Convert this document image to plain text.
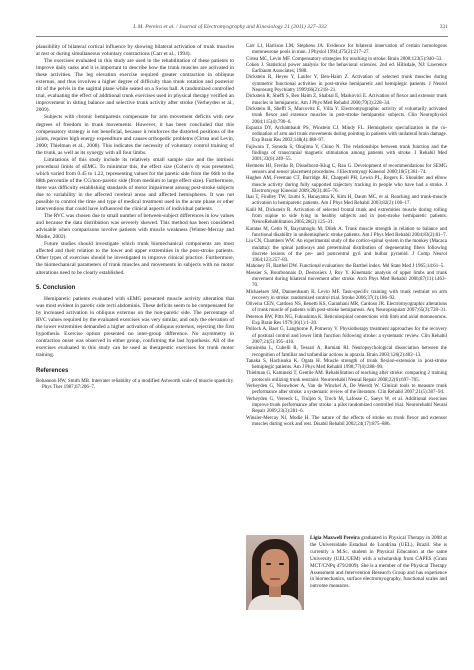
L.M. Pereira et al. / Journal of Electromyography and Kinesiology 21 (2011) 327–332	331

plausibility of bilateral cortical influence by showing bilateral activation of trunk muscles at rest or during simultaneous voluntary contractions (Carr et al., 1994).

The exercises evaluated in this study are used in the rehabilitation of these patients to improve daily tasks and it is important to describe how the trunk muscles are activated in these activities. The leg elevation exercise required greater contraction in obliquus externus, and thus involves a higher degree of difficulty than trunk rotation and posterior tilt of the pelvis in the sagittal plane while seated on a Swiss ball. A randomized controlled trial, evaluating the effect of additional trunk exercises used in physical therapy verified an improvement in sitting balance and selective trunk activity after stroke (Verheyden et al., 2009).

Subjects with chronic hemiparesis compensate for arm movement deficits with new degrees of freedom in trunk movements. However, it has been concluded that this compensatory strategy is not beneficial, because it reinforces the distorted positions of the joints, requires high energy expenditure and causes orthopedic problems (Cirtea and Levin, 2000; Thielman et al., 2008). This indicates the necessity of voluntary control training of the trunk, as well as its synergy with all four limbs.

Limitations of this study include its relatively small sample size and the intrinsic procedural limits of sEMG. To minimize this, the effect size (Cohen's d) was presented, which varied from 0.45 to 1.22, representing values for the paretic side from the 66th to the 88th percentile of the CG/non-paretic side (from medium to large effect size). Furthermore, there was difficulty establishing standards of motor impairment among post-stroke subjects due to variability in the affected cerebral areas and affected hemispheres. It was not possible to control the time and type of medical treatment used in the acute phase or other interventions that could have influenced the clinical aspects of individual patients.

The RVC was chosen due to small number of between-subject differences in low values and because the data distribution was severely skewed. This method has been considered advisable when comparisons involve patients with muscle weakness (Winter-Mercay and Modie, 2002).

Future studies should investigate which trunk biomechanical components are most affected and their relation to the lower and upper extremities in the post-stroke patients. Other types of exercises should be investigated to improve clinical practice. Furthermore, the biomechanical parameters of trunk muscles and movements in subjects with no motor alterations need to be clearly established.

5. Conclusion

Hemiparetic patients evaluated with sEMG presented muscle activity alteration that was most evident in paretic side recti abdominis. These deficits seem to be compensated for by increased activation in obliquus externus on the non-paretic side. The percentage of RVC values required by the evaluated exercises was very similar, and only the elevation of the lower extremities demanded a higher activation of obliquus externus, rejecting the first hypothesis. Exercise option presented no inter-group difference. No asymmetry in contraction onset was observed in either group, confirming the last hypothesis. All of the exercises evaluated in this study can be used as therapeutic exercises for trunk motor training.

References

Bohannon RW, Smith MB. Interrater reliability of a modified Ashworth scale of muscle spasticity. Phys Ther 1987;67:206–7.

Carr LJ, Harrison LM, Stephens JA. Evidence for bilateral innervation of certain homologous motoneurone pools in man. J Physiol 1994;475(2):217–27.

Cirtea MC, Levin MF. Compensatory strategies for reaching in stroke. Brain 2000;123(5):940–53.

Cohen J. Statistical power analysis for the behavioral sciences. 2nd ed. Hillsdale, NJ: Lawrence Earlbaum Associates; 1988.

Dickstein R, Heyes Y, Laufer Y, Ben-Haim Z. Activation of selected trunk muscles during symmetric functional activities in post-stroke hemiparetic and hemiplegic patients. J Neurol Neurosurg Psychiatry 1999;66(2):218–21.

Dickstein R, Sheffi S, Ben Haim Z, Shabtai E, Markovici E. Activation of flexor and extensor trunk muscles in hemiparetic. Am J Phys Med Rehabil 2000;79(3):228–34.

Dickstein R, Sheffi S, Marcovitz E, Villa Y. Electromyographic activity of voluntarily activated trunk flexor and extensor muscles in post-stroke hemiparetic subjects. Clin Neurophysiol 2004;115(4):790–6.

Esparza DY, Archambault PS, Winstein CJ, Mindy FL. Hemispheric specialization in the co-ordination of arm and trunk movements during pointing in patients with unilateral brain damage. Exp Brain Res 2003;148(4):488–97.

Fujiwara T, Sonoda S, Okajima Y, Chino N. The relationships between trunk function and the findings of transcranial magnetic stimulation among patients with stroke. J Rehabil Med 2001;33(6):249–55.

Hermens HJ, Freriks B, Disselhorst-Klug C, Rau G. Development of recommendations for SEMG sensors and sensor placement procedures. J Electromyogr Kinesiol 2000;10(5):361–74.

Hughes AM, Freeman CT, Burridge JH, Chappell PH, Lewin PL, Rogers E. Shoulder and elbow muscle activity during fully supported trajectory tracking in people who have had a stroke. J Electromyogr Kinesiol 2009;20(3):465–76.

Ikai T, Findley TW, Izumi S, Hanayama K, Kim H, Daum MC, et al. Reaching and trunk-muscle activation in hemiparetic patients. Am J Phys Med Rehabil 2003;82(2):108–17.

Kalil M, Dickstein R. Activation of selected frontal trunk and extremities muscle during rolling from supine to side lying in healthy subjects and in post-stroke hemiparetic patients. NeuroRehabilitation 2005;28(2):125–31.

Karatas M, Cetin N, Bayramoglu M, Dilek A. Trunk muscle strength in relation to balance and functional disability in unihemispheric stroke patients. Am J Phys Med Rehabil 2004;83(2):81–7.

Liu CN, Chambers WW. An experimental study of the cortico-spinal system in the monkey (Macaca mulatta): the spinal pathways and preterminal distribution of degenerating fibers following discrete lesions of the pre- and postcentral gyri and bulbar pyramid. J Comp Neurol 1964;123:257–83.

Mahoney FI, Barthel DW. Functional evaluation: the Barthel index. Md State Med J 1965;14:61–5.

Messier S, Bourbonnais D, Desrosiers J, Roy Y. Kinematic analysis of upper limbs and trunk movement during bilateral movement after stroke. Arch Phys Med Rehabil 2006;87(11):1463–70.

Michaelsen SM, Dannenbaum R, Levin MF. Task-specific training with trunk restraint on arm recovery in stroke: randomized control trial. Stroke 2006;37(1):186–92.

Oliveira CEN, Cardoso NS, Benetti KS, Garanhani MR, Cardoso JR. Electromyographic alterations of trunk muscle of patients with post-stroke hemiparesis. Arq Neuropsiquiatr 2007;65(3):728–31.

Peterson BW, Pitts NG, Fukushima K. Reticulospinal connections with limb and axial motoneurons. Exp Brain Res 1979;36(1):1–20.

Pollock A, Baer G, Langhorne P, Pomeroy V. Physiotherapy treatment approaches for the recovery of postural control and lower limb function following stroke: a systematic review. Clin Rehabil 2007;21(5):395–410.

Sonsinsha L, Cubelli R, Tessari A, Rumiati RI. Neuropsychological dissociation between the recognition of familiar and unfamiliar actions in apraxia. Brain 2003;126(2):402–13.

Tanaka S, Hachisuka K, Ogata H. Muscle strength of trunk flexion-extension in post-stroke hemiplegic patients. Am J Phys Med Rehabil 1998;77(4):288–90.

Thielman G, Kaminski T, Gentile AM. Rehabilitation of reaching after stroke: comparing 2 training protocols utilizing trunk restraint. Neurorehabil Neural Repair 2008;22(6):697–705.

Verheyden G, Nieuwboer A, Van de Winckel A, De Weerdt W. Clinical tools to measure trunk performance after stroke: a systematic review of the literature. Clin Rehabil 2007;21(5):387–94.

Verheyden G, Vereeck L, Truijen S, Troch M, Lafosse C, Saeys W, et al. Additional exercises improve trunk performance after stroke: a pilot randomized controlled trial. Neurorehabil Neural Repair 2009;23(3):281–6.

Winsler-Mercay NJ, Modie H. The nature of the effects of stroke on trunk flexor and extensor muscles during work and rest. Disabil Rehabil 2002;24(17):875–886.

Ligia Maxwell Pereira graduated in Physical Therapy in 2008 at the Universidade Estadual de Londrina (UEL), Brazil. She is currently a M.Sc. student in Physical Education at the same University (UEL/UEM) with a scholarship from CAPES (Grant MCT/CNPq 479/2009). She is a member of the Physical Therapy Assessment and Intervention Research Group and has experience in biomechanics, surface electromyography, functional scales and outcome measures.
